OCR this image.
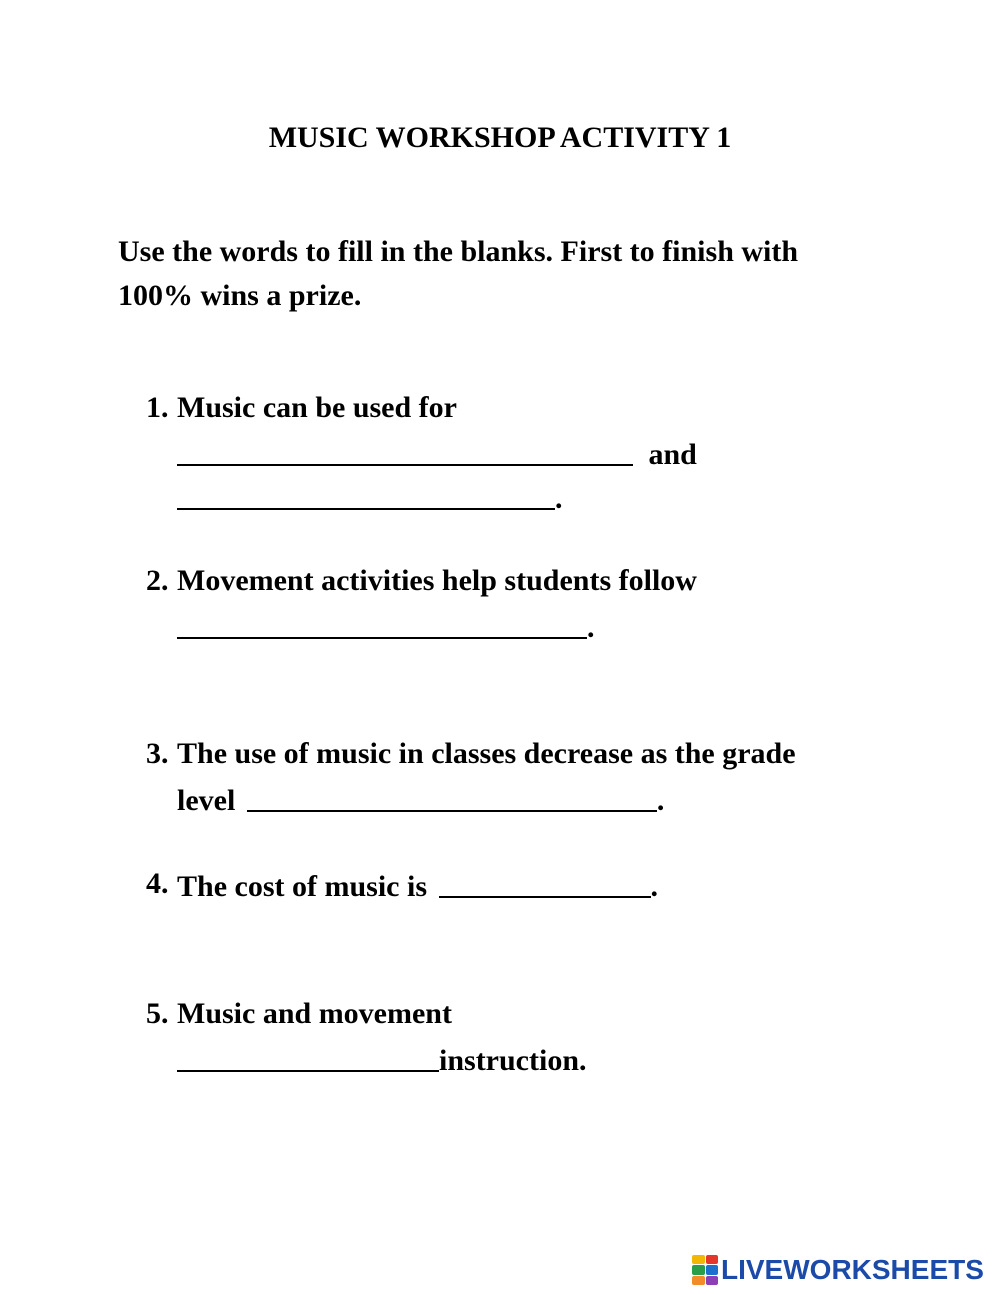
MUSIC WORKSHOP ACTIVITY 1
Use the words to fill in the blanks. First to finish with 100% wins a prize.
1. Music can be used for
and
.
2. Movement activities help students follow
.
3. The use of music in classes decrease as the grade
level	.
4. The cost of music is	.
5. Music and movement
instruction.
LIVEWORKSHEETS
